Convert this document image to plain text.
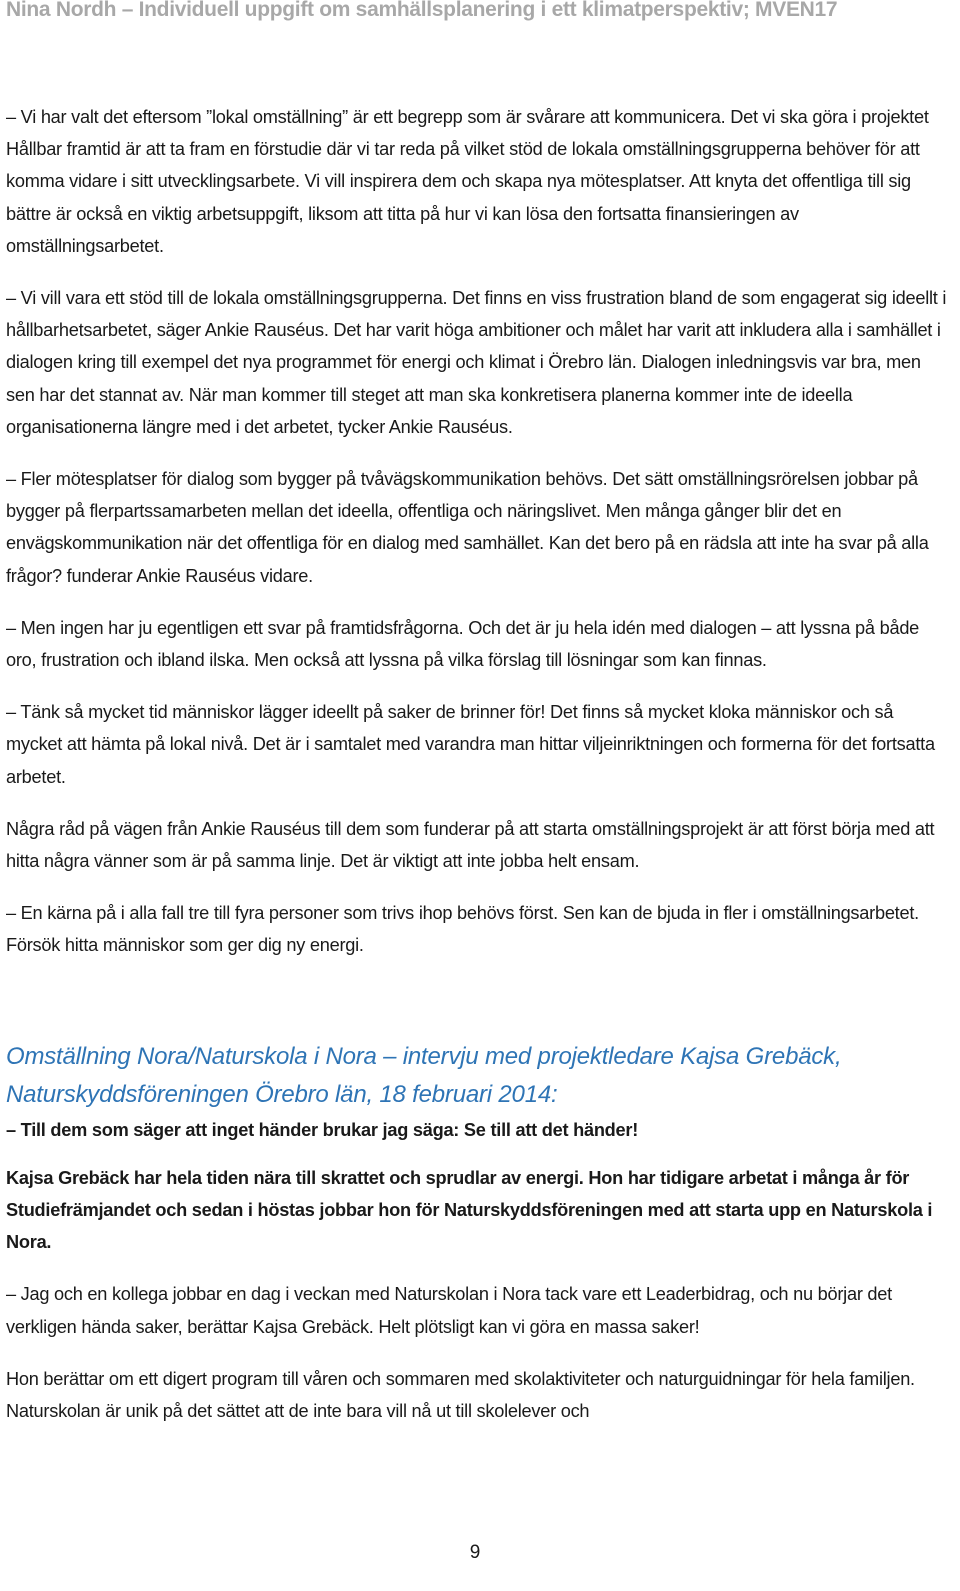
Nina Nordh – Individuell uppgift om samhällsplanering i ett klimatperspektiv; MVEN17

– Vi har valt det eftersom ”lokal omställning” är ett begrepp som är svårare att kommunicera. Det vi ska göra i projektet Hållbar framtid är att ta fram en förstudie där vi tar reda på vilket stöd de lokala omställningsgrupperna behöver för att komma vidare i sitt utvecklingsarbete. Vi vill inspirera dem och skapa nya mötesplatser. Att knyta det offentliga till sig bättre är också en viktig arbetsuppgift, liksom att titta på hur vi kan lösa den fortsatta finansieringen av omställningsarbetet.

– Vi vill vara ett stöd till de lokala omställningsgrupperna. Det finns en viss frustration bland de som engagerat sig ideellt i hållbarhetsarbetet, säger Ankie Rauséus. Det har varit höga ambitioner och målet har varit att inkludera alla i samhället i dialogen kring till exempel det nya programmet för energi och klimat i Örebro län. Dialogen inledningsvis var bra, men sen har det stannat av. När man kommer till steget att man ska konkretisera planerna kommer inte de ideella organisationerna längre med i det arbetet, tycker Ankie Rauséus.

– Fler mötesplatser för dialog som bygger på tvåvägskommunikation behövs. Det sätt omställningsrörelsen jobbar på bygger på flerpartssamarbeten mellan det ideella, offentliga och näringslivet. Men många gånger blir det en envägskommunikation när det offentliga för en dialog med samhället. Kan det bero på en rädsla att inte ha svar på alla frågor? funderar Ankie Rauséus vidare.

– Men ingen har ju egentligen ett svar på framtidsfrågorna. Och det är ju hela idén med dialogen – att lyssna på både oro, frustration och ibland ilska. Men också att lyssna på vilka förslag till lösningar som kan finnas.

– Tänk så mycket tid människor lägger ideellt på saker de brinner för! Det finns så mycket kloka människor och så mycket att hämta på lokal nivå. Det är i samtalet med varandra man hittar viljeinriktningen och formerna för det fortsatta arbetet.

Några råd på vägen från Ankie Rauséus till dem som funderar på att starta omställningsprojekt är att först börja med att hitta några vänner som är på samma linje. Det är viktigt att inte jobba helt ensam.

– En kärna på i alla fall tre till fyra personer som trivs ihop behövs först. Sen kan de bjuda in fler i omställningsarbetet. Försök hitta människor som ger dig ny energi.

Omställning Nora/Naturskola i Nora – intervju med projektledare Kajsa Grebäck, Naturskyddsföreningen Örebro län, 18 februari 2014:

– Till dem som säger att inget händer brukar jag säga: Se till att det händer!

Kajsa Grebäck har hela tiden nära till skrattet och sprudlar av energi. Hon har tidigare arbetat i många år för Studiefrämjandet och sedan i höstas jobbar hon för Naturskyddsföreningen med att starta upp en Naturskola i Nora.

– Jag och en kollega jobbar en dag i veckan med Naturskolan i Nora tack vare ett Leaderbidrag, och nu börjar det verkligen hända saker, berättar Kajsa Grebäck. Helt plötsligt kan vi göra en massa saker!

Hon berättar om ett digert program till våren och sommaren med skolaktiviteter och naturguidningar för hela familjen. Naturskolan är unik på det sättet att de inte bara vill nå ut till skolelever och

9
